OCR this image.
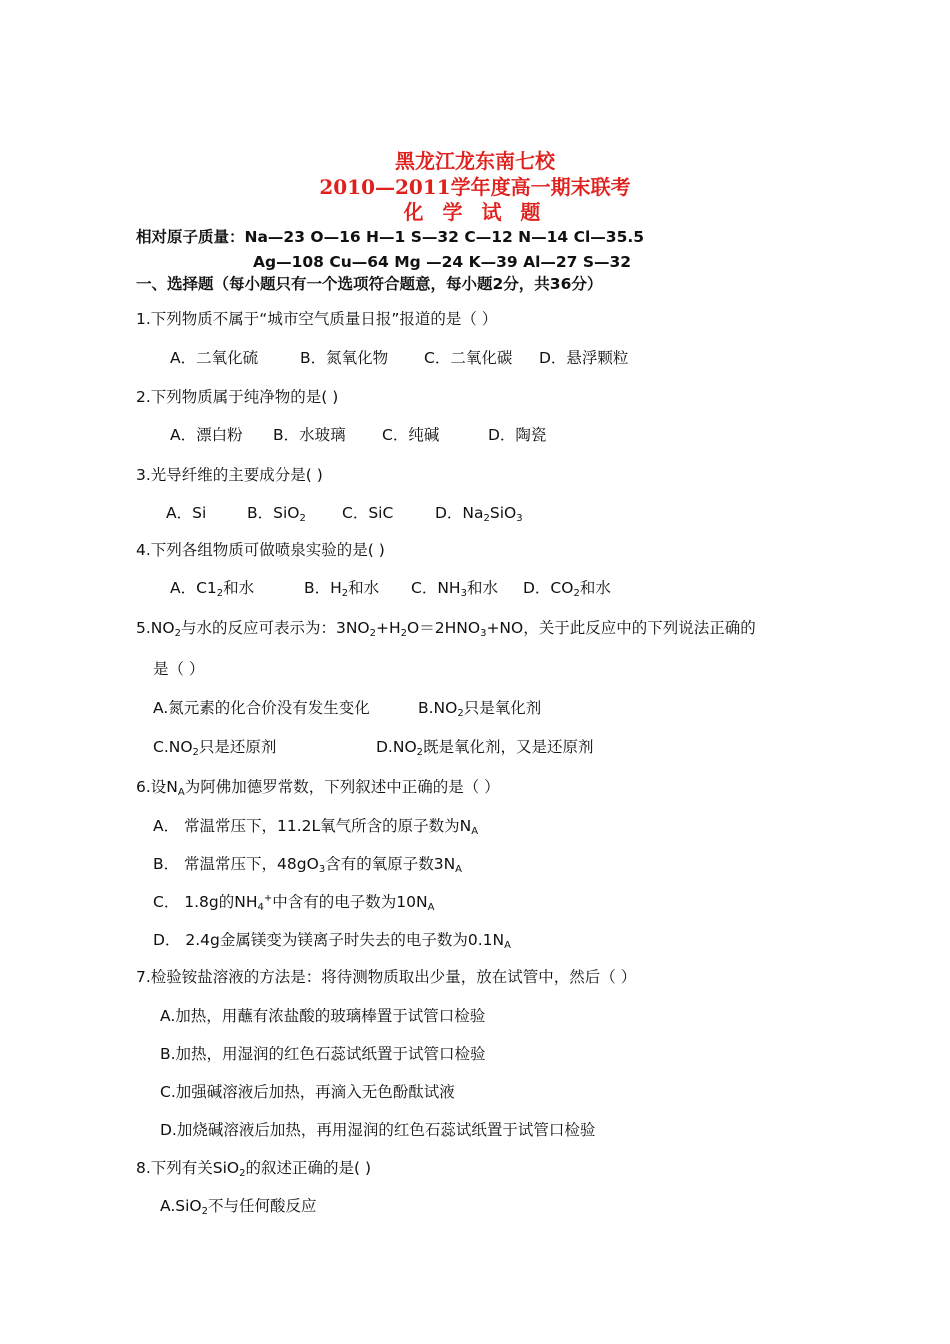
黑龙江龙东南七校
2010—2011学年度高一期末联考
化 学 试 题
相对原子质量：Na—23 O—16 H—1 S—32 C—12 N—14 Cl—35.5
Ag—108 Cu—64 Mg —24 K—39 Al—27 S—32
一、选择题（每小题只有一个选项符合题意，每小题2分，共36分）
1.下列物质不属于“城市空气质量日报”报道的是（ ）
A．二氧化硫	B．氮氧化物 C．二氧化碳 D．悬浮颗粒
2.下列物质属于纯净物的是( )
A．漂白粉 B．水玻璃 C．纯碱	D．陶瓷
3.光导纤维的主要成分是( )
A．Si	B．SiO$_2$ C．SiC	D．$Na_2SiO_3$
4.下列各组物质可做喷泉实验的是( )
A．$C1_2$和水	B．$H_2$和水 C．$NH_3$和水 D．$CO_2$和水
$5.NO_2$与水的反应可表示为：$3NO_2+H_2O=2HNO_3+NO$，关于此反应中的下列说法正确的
是（ ）
A.氮元素的化合价没有发生变化	$B.NO_2$只是氧化剂
$C.NO_2$只是还原剂	$D.NO_2$既是氧化剂，又是还原剂
6.设$N_A$为阿佛加德罗常数，下列叙述中正确的是（ ）
A． 常温常压下，11.2L氧气所含的原子数为$N_A$
B． 常温常压下，$48gO_3$含有的氧原子数$3N_A$
C． 1.8g的$NH_4^+$中含有的电子数为$10N_A$
D． 2.4g金属镁变为镁离子时失去的电子数为$0.1N_A$
7.检验铵盐溶液的方法是：将待测物质取出少量，放在试管中，然后（ ）
A.加热，用蘸有浓盐酸的玻璃棒置于试管口检验
B.加热，用湿润的红色石蕊试纸置于试管口检验
C.加强碱溶液后加热，再滴入无色酚酞试液
D.加烧碱溶液后加热，再用湿润的红色石蕊试纸置于试管口检验
8.下列有关SiO$_2$的叙述正确的是( )
A.SiO$_2$不与任何酸反应
